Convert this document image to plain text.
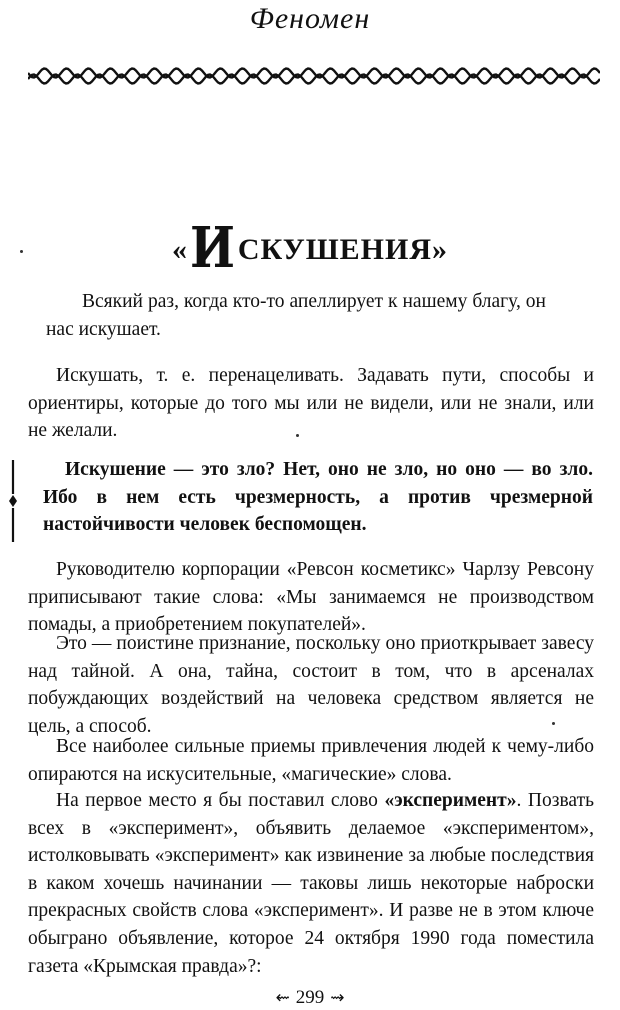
Феномен
«ИСКУШЕНИЯ»

Всякий раз, когда кто-то апеллирует к нашему благу, он нас искушает.

Искушать, т. е. перенацеливать. Задавать пути, способы и ориентиры, которые до того мы или не видели, или не знали, или не желали.

Искушение — это зло? Нет, оно не зло, но оно — во зло. Ибо в нем есть чрезмерность, а против чрезмерной настойчивости человек беспомощен.

Руководителю корпорации «Ревсон косметикс» Чарлзу Ревсону приписывают такие слова: «Мы занимаемся не производством помады, а приобретением покупателей».

Это — поистине признание, поскольку оно приоткрывает завесу над тайной. А она, тайна, состоит в том, что в арсеналах побуждающих воздействий на человека средством является не цель, а способ.

Все наиболее сильные приемы привлечения людей к чему-либо опираются на искусительные, «магические» слова.

На первое место я бы поставил слово «эксперимент». Позвать всех в «эксперимент», объявить делаемое «экспериментом», истолковывать «эксперимент» как извинение за любые последствия в каком хочешь начинании — таковы лишь некоторые наброски прекрасных свойств слова «эксперимент». И разве не в этом ключе обыграно объявление, которое 24 октября 1990 года поместила газета «Крымская правда»?:

⇜ 299 ⇝
